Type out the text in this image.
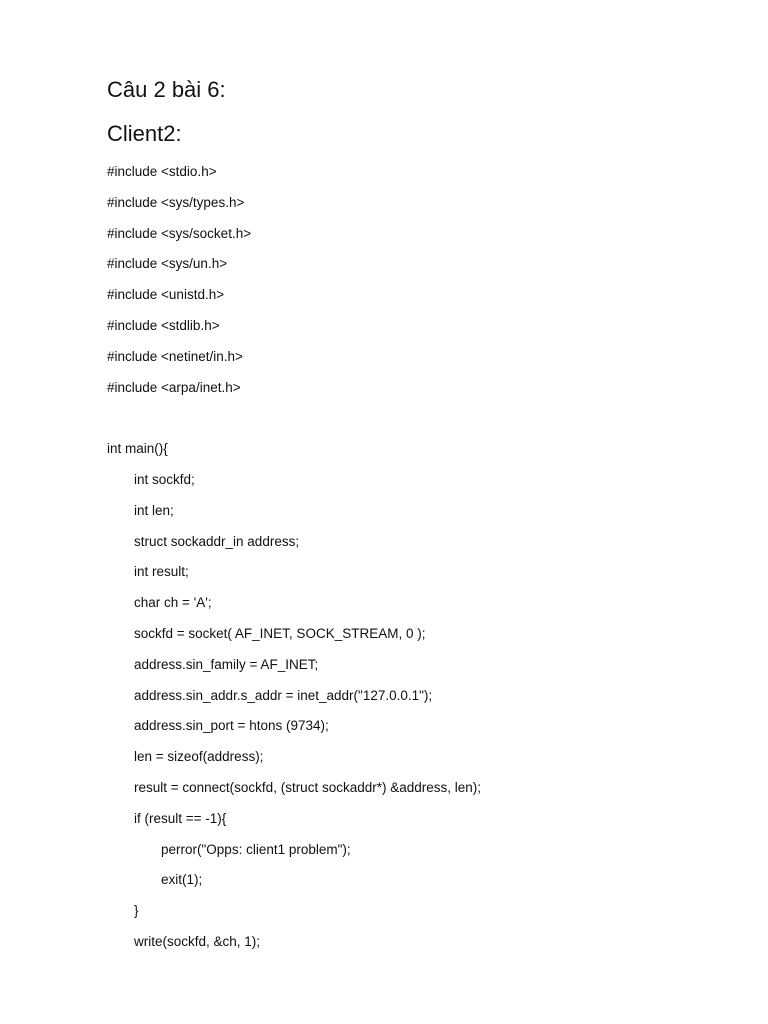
Câu 2 bài 6:
Client2:
#include <stdio.h>
#include <sys/types.h>
#include <sys/socket.h>
#include <sys/un.h>
#include <unistd.h>
#include <stdlib.h>
#include <netinet/in.h>
#include <arpa/inet.h>
int main(){
int sockfd;
int len;
struct sockaddr_in address;
int result;
char ch = 'A';
sockfd = socket( AF_INET, SOCK_STREAM, 0 );
address.sin_family = AF_INET;
address.sin_addr.s_addr = inet_addr("127.0.0.1");
address.sin_port = htons (9734);
len = sizeof(address);
result = connect(sockfd, (struct sockaddr*) &address, len);
if (result == -1){
perror("Opps: client1 problem");
exit(1);
}
write(sockfd, &ch, 1);
